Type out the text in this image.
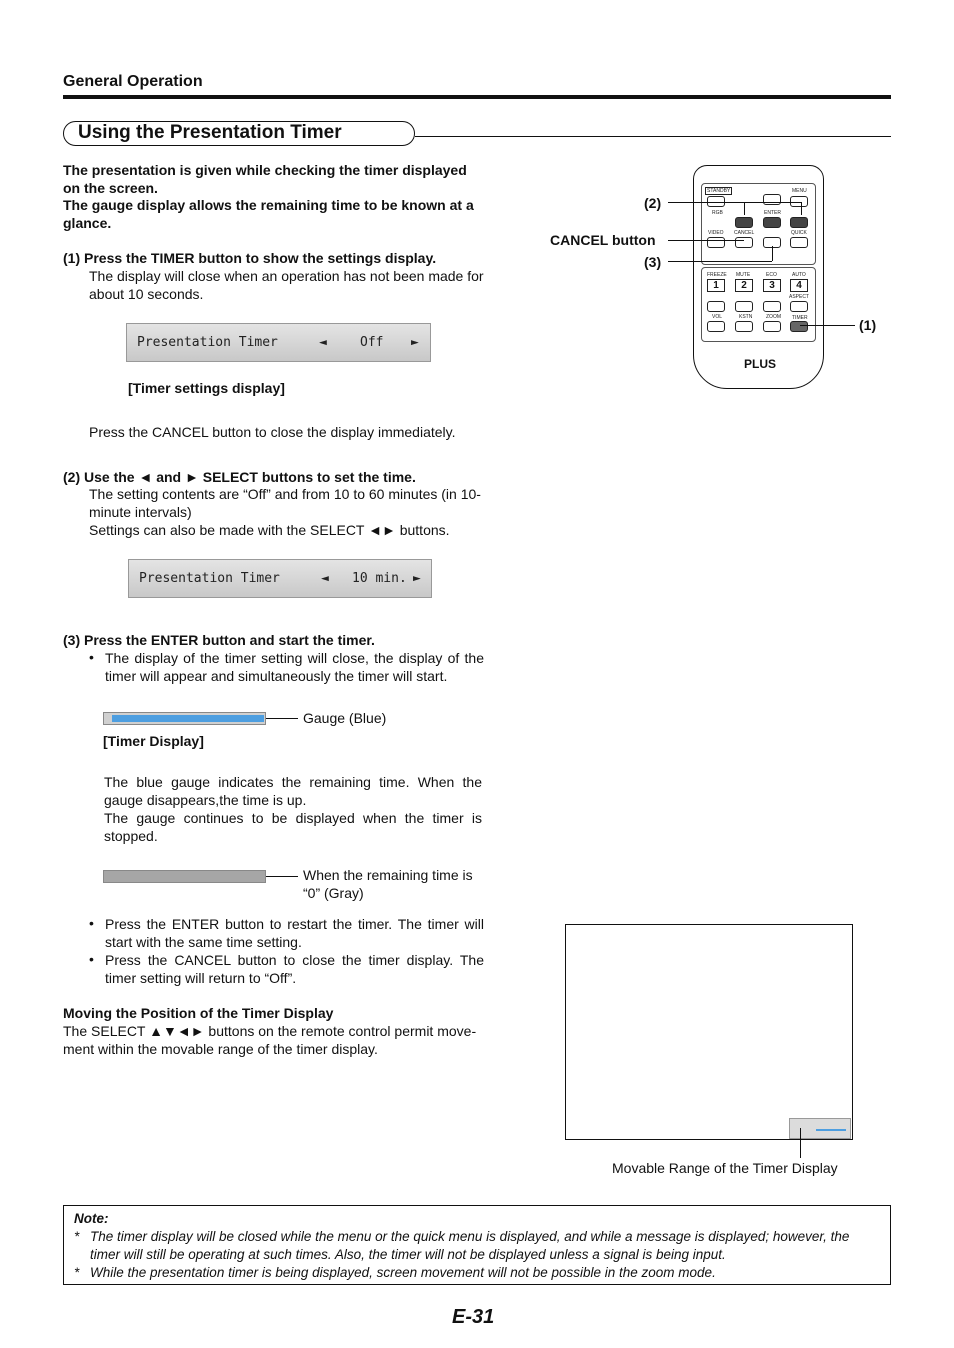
General Operation
Using the Presentation Timer

The presentation is given while checking the timer displayed on the screen.

The gauge display allows the remaining time to be known at a glance.

(1) Press the TIMER button to show the settings display.

The display will close when an operation has not been made for about 10 seconds.

Presentation Timer	◄	Off ►

[Timer settings display]

Press the CANCEL button to close the display immediately.

(2) Use the ◄ and ► SELECT buttons to set the time.

The setting contents are “Off” and from 10 to 60 minutes (in 10-minute intervals)

Settings can also be made with the SELECT ◄► buttons.

Presentation Timer	◄ 10 min. ►

(3) Press the ENTER button and start the timer.

• The display of the timer setting will close, the display of the timer will appear and simultaneously the timer will start.

Gauge (Blue)

[Timer Display]

The blue gauge indicates the remaining time. When the gauge disappears,the time is up.

The gauge continues to be displayed when the timer is stopped.

When the remaining time is “0” (Gray)

• Press the ENTER button to restart the timer. The timer will start with the same time setting.

• Press the CANCEL button to close the timer display. The timer setting will return to “Off”.

Moving the Position of the Timer Display

The SELECT ▲▼◄► buttons on the remote control permit move-ment within the movable range of the timer display.

STANDBY	MENU
RGB	ENTER
VIDEO CANCEL	QUICK
FREEZE MUTE	ECO	AUTO
1	2	3	4
ASPECT
VOL	KSTN	ZOOM TIMER
PLUS
(2)
CANCEL button
(3)
(1)

Movable Range of the Timer Display

Note:
* The timer display will be closed while the menu or the quick menu is displayed, and while a message is displayed; however, the timer will still be operating at such times. Also, the timer will not be displayed unless a signal is being input.
* While the presentation timer is being displayed, screen movement will not be possible in the zoom mode.
E-31
